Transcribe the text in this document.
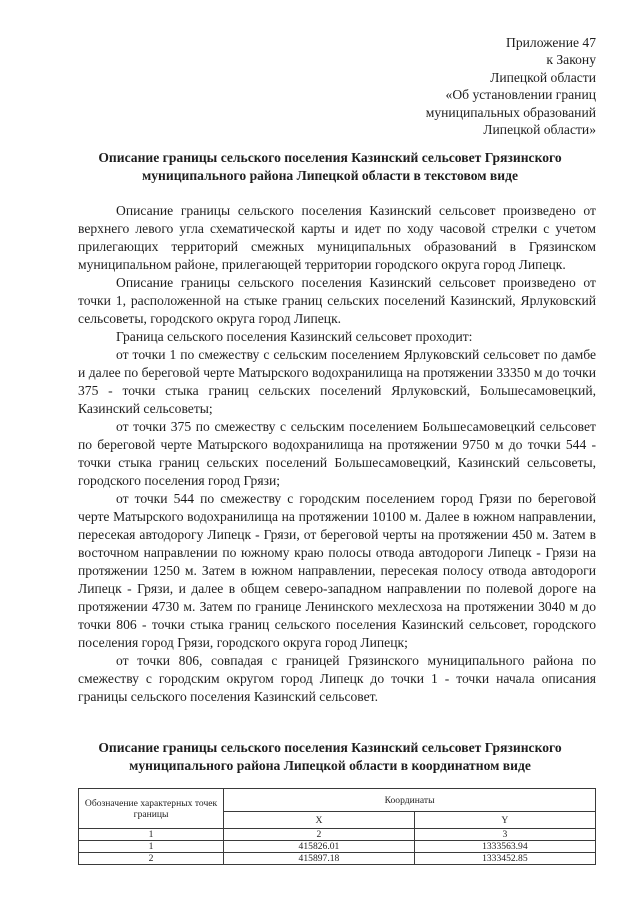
Приложение 47
к Закону
Липецкой области
«Об установлении границ
муниципальных образований
Липецкой области»
Описание границы сельского поселения Казинский сельсовет Грязинского
муниципального района Липецкой области в текстовом виде

Описание границы сельского поселения Казинский сельсовет произведено от верхнего левого угла схематической карты и идет по ходу часовой стрелки с учетом прилегающих территорий смежных муниципальных образований в Грязинском муниципальном районе, прилегающей территории городского округа город Липецк.

Описание границы сельского поселения Казинский сельсовет произведено от точки 1, расположенной на стыке границ сельских поселений Казинский, Ярлуковский сельсоветы, городского округа город Липецк.

Граница сельского поселения Казинский сельсовет проходит:

от точки 1 по смежеству с сельским поселением Ярлуковский сельсовет по дамбе и далее по береговой черте Матырского водохранилища на протяжении 33350 м до точки 375 - точки стыка границ сельских поселений Ярлуковский, Большесамовецкий, Казинский сельсоветы;

от точки 375 по смежеству с сельским поселением Большесамовецкий сельсовет по береговой черте Матырского водохранилища на протяжении 9750 м до точки 544 - точки стыка границ сельских поселений Большесамовецкий, Казинский сельсоветы, городского поселения город Грязи;

от точки 544 по смежеству с городским поселением город Грязи по береговой черте Матырского водохранилища на протяжении 10100 м. Далее в южном направлении, пересекая автодорогу Липецк - Грязи, от береговой черты на протяжении 450 м. Затем в восточном направлении по южному краю полосы отвода автодороги Липецк - Грязи на протяжении 1250 м. Затем в южном направлении, пересекая полосу отвода автодороги Липецк - Грязи, и далее в общем северо-западном направлении по полевой дороге на протяжении 4730 м. Затем по границе Ленинского мехлесхоза на протяжении 3040 м до точки 806 - точки стыка границ сельского поселения Казинский сельсовет, городского поселения город Грязи, городского округа город Липецк;

от точки 806, совпадая с границей Грязинского муниципального района по смежеству с городским округом город Липецк до точки 1 - точки начала описания границы сельского поселения Казинский сельсовет.

Описание границы сельского поселения Казинский сельсовет Грязинского
муниципального района Липецкой области в координатном виде
Обозначение характерных точек границы	Координаты	
	X	Y
1	2	3
1	415826.01	1333563.94
2	415897.18	1333452.85
